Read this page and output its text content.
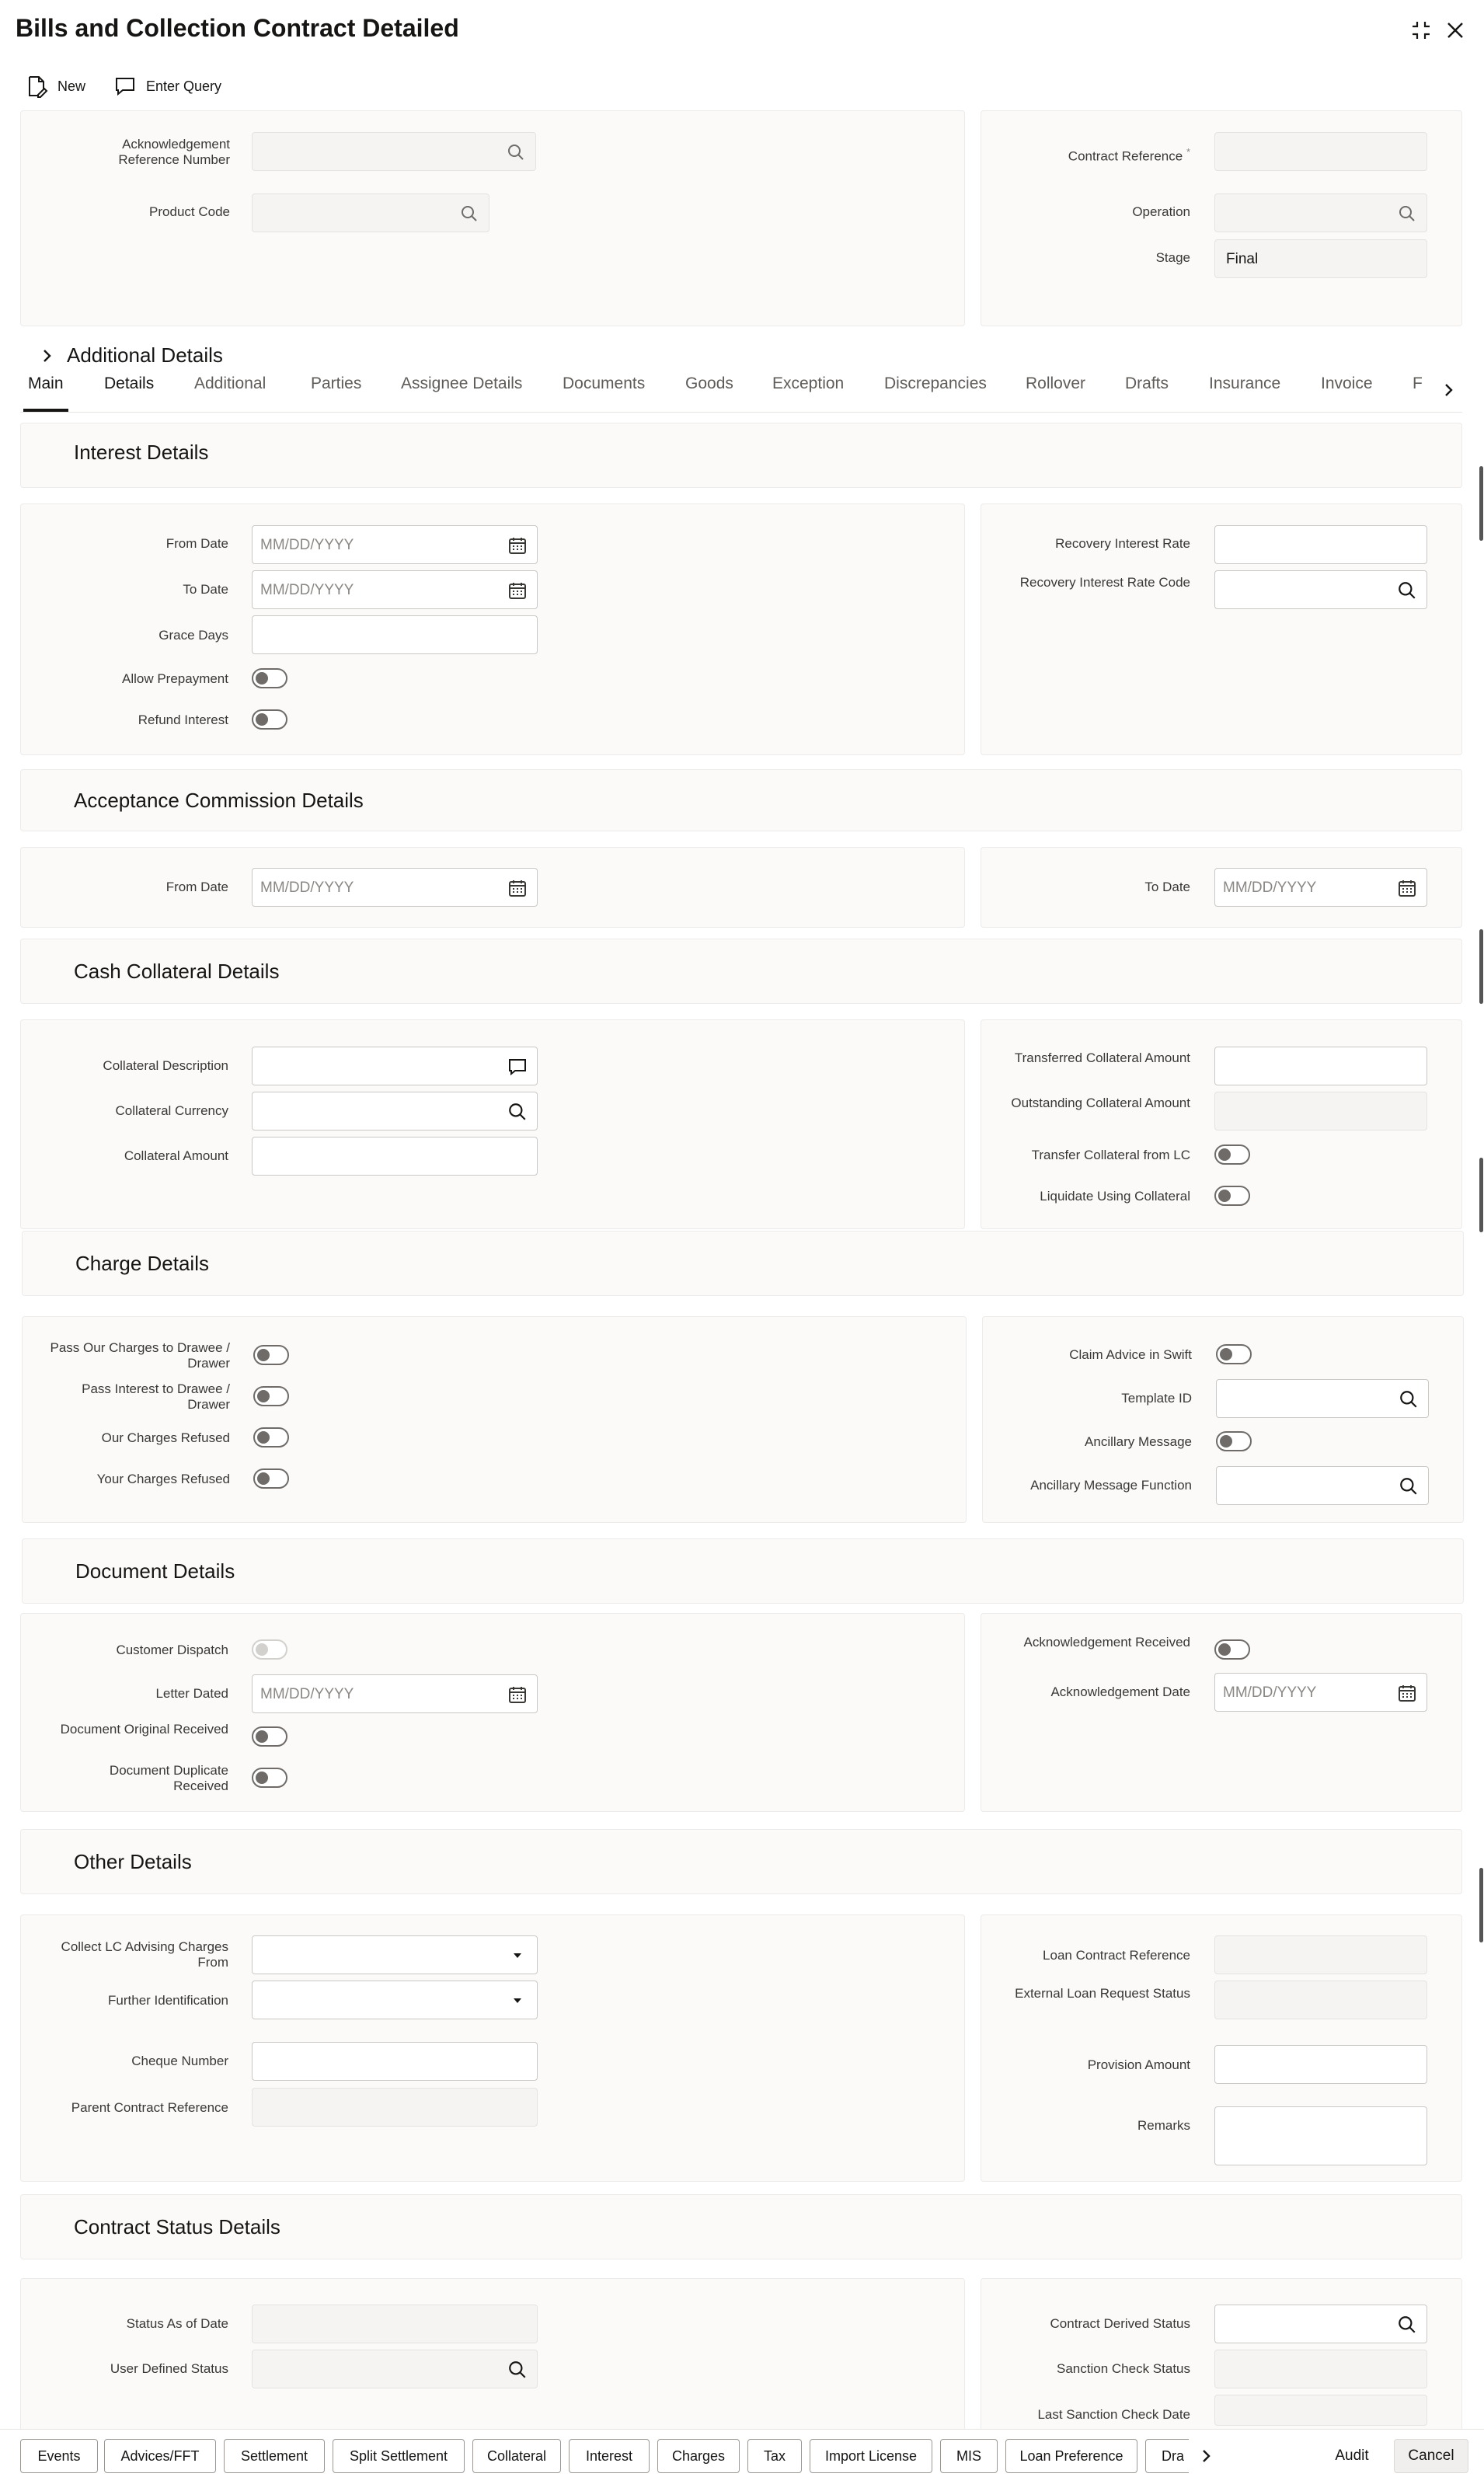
Bills and Collection Contract Detailed
New	Enter Query
Acknowledgement Reference Number
Product Code
Contract Reference *
Operation
Stage Final
Additional Details
Main Details Additional	Parties Assignee Details Documents Goods Exception Discrepancies Rollover Drafts Insurance Invoice F
Interest Details
From Date MM/DD/YYYY
To Date MM/DD/YYYY
Grace Days
Allow Prepayment
Refund Interest
Recovery Interest Rate
Recovery Interest Rate Code
Acceptance Commission Details
From Date MM/DD/YYYY	To Date MM/DD/YYYY
Cash Collateral Details
Collateral Description
Collateral Currency
Collateral Amount
Transferred Collateral Amount
Outstanding Collateral Amount
Transfer Collateral from LC
Liquidate Using Collateral
Charge Details
Pass Our Charges to Drawee / Drawer
Pass Interest to Drawee / Drawer
Our Charges Refused
Your Charges Refused
Claim Advice in Swift
Template ID
Ancillary Message
Ancillary Message Function
Document Details
Customer Dispatch
Letter Dated MM/DD/YYYY
Document Original Received
Document Duplicate Received
Acknowledgement Received
Acknowledgement Date MM/DD/YYYY
Other Details
Collect LC Advising Charges From
Further Identification
Cheque Number
Parent Contract Reference
Loan Contract Reference
External Loan Request Status
Provision Amount
Remarks
Contract Status Details
Status As of Date
User Defined Status
Contract Derived Status
Sanction Check Status
Last Sanction Check Date
Events	Advices/FFT	Settlement	Split Settlement	Collateral	Interest	Charges	Tax	Import License	MIS	Loan Preference	Dra	Audit	Cancel
